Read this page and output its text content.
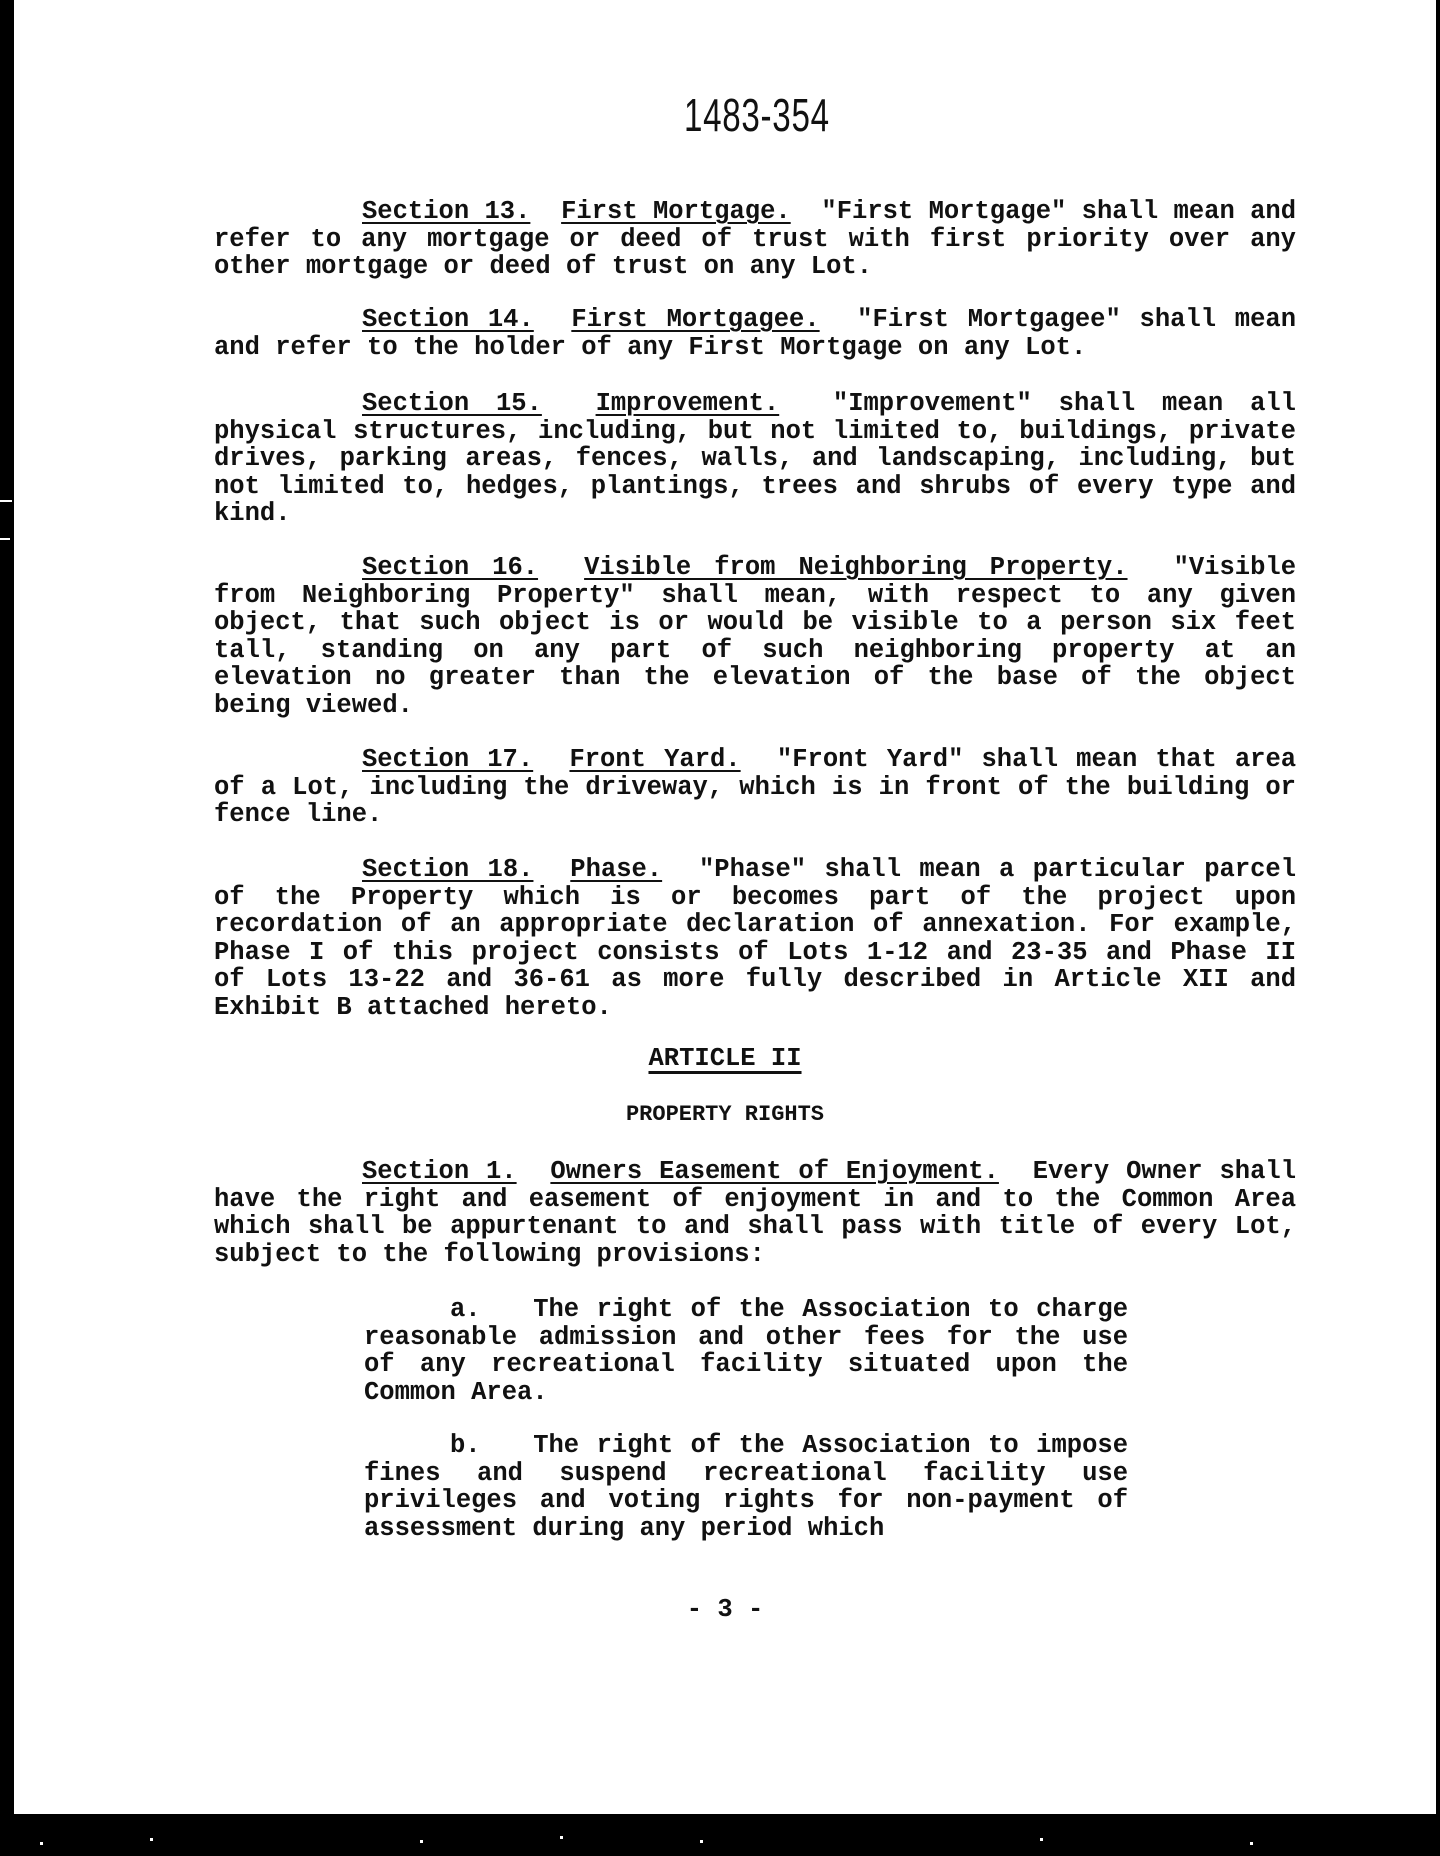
1483-354
Section 13. First Mortgage. "First Mortgage" shall mean and refer to any mortgage or deed of trust with first priority over any other mortgage or deed of trust on any Lot.
Section 14. First Mortgagee. "First Mortgagee" shall mean and refer to the holder of any First Mortgage on any Lot.
Section 15. Improvement. "Improvement" shall mean all physical structures, including, but not limited to, buildings, private drives, parking areas, fences, walls, and landscaping, including, but not limited to, hedges, plantings, trees and shrubs of every type and kind.
Section 16. Visible from Neighboring Property. "Visible from Neighboring Property" shall mean, with respect to any given object, that such object is or would be visible to a person six feet tall, standing on any part of such neighboring property at an elevation no greater than the elevation of the base of the object being viewed.
Section 17. Front Yard. "Front Yard" shall mean that area of a Lot, including the driveway, which is in front of the building or fence line.
Section 18. Phase. "Phase" shall mean a particular parcel of the Property which is or becomes part of the project upon recordation of an appropriate declaration of annexation. For example, Phase I of this project consists of Lots 1-12 and 23-35 and Phase II of Lots 13-22 and 36-61 as more fully described in Article XII and Exhibit B attached hereto.
ARTICLE II
PROPERTY RIGHTS
Section 1. Owners Easement of Enjoyment. Every Owner shall have the right and easement of enjoyment in and to the Common Area which shall be appurtenant to and shall pass with title of every Lot, subject to the following provisions:
a. The right of the Association to charge reasonable admission and other fees for the use of any recreational facility situated upon the Common Area.
b. The right of the Association to impose fines and suspend recreational facility use privileges and voting rights for non-payment of assessment during any period which
- 3 -
